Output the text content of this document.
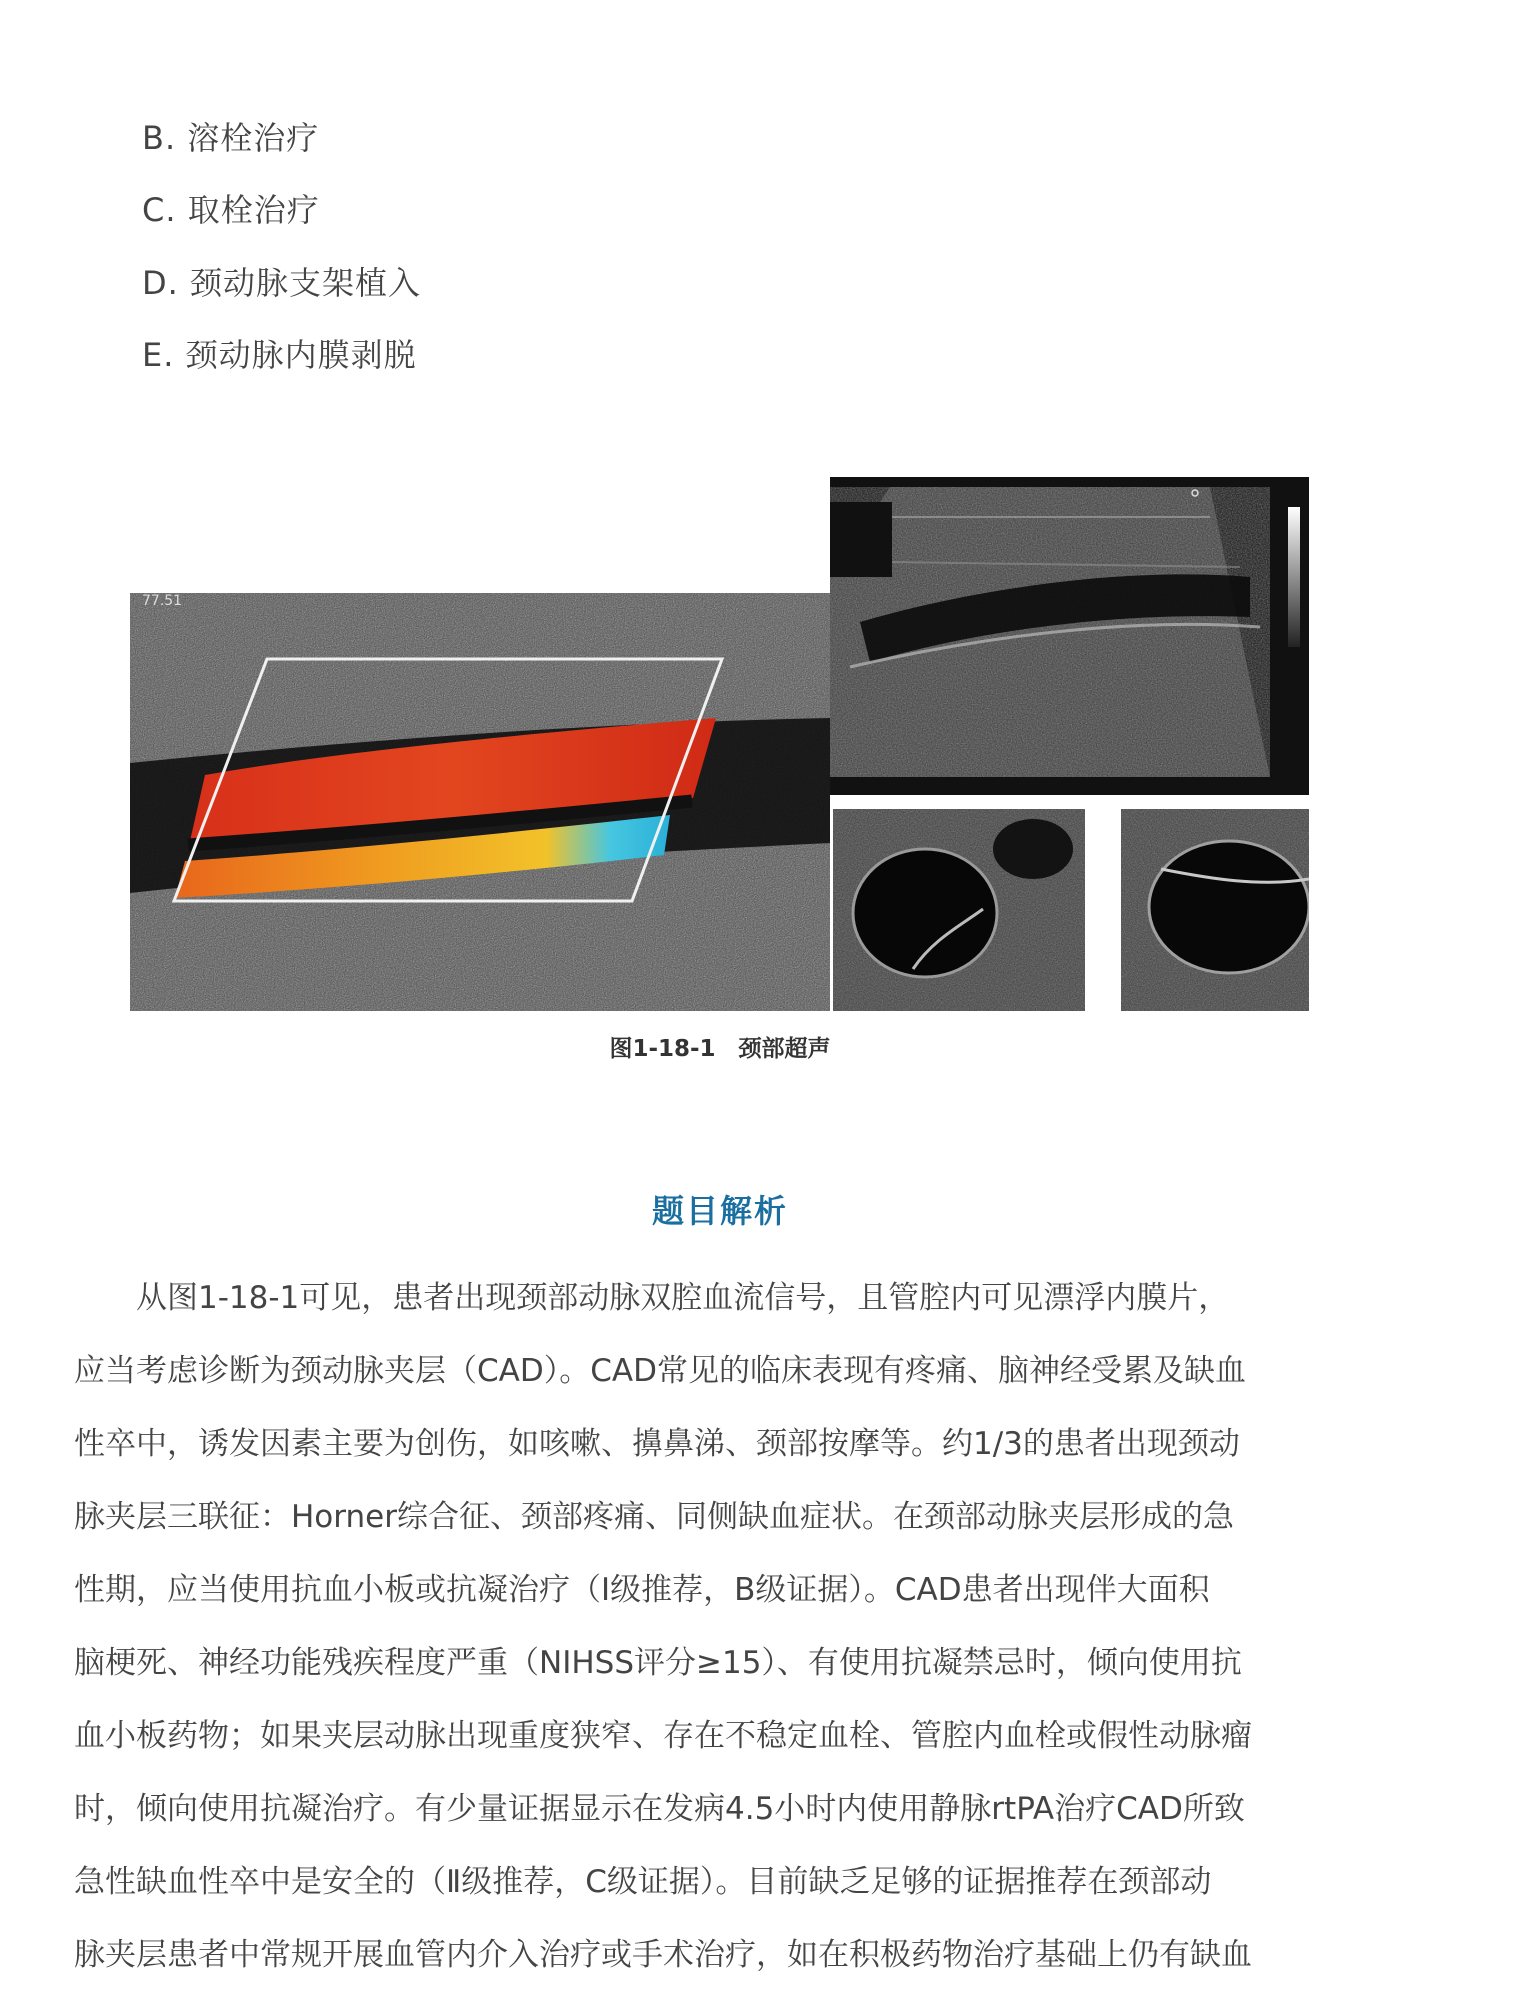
B. 溶栓治疗
C. 取栓治疗
D. 颈动脉支架植入
E. 颈动脉内膜剥脱
77.51
图1-18-1　颈部超声
题目解析
　　从图1-18-1可见，患者出现颈部动脉双腔血流信号，且管腔内可见漂浮内膜片，
应当考虑诊断为颈动脉夹层（CAD）。CAD常见的临床表现有疼痛、脑神经受累及缺血
性卒中，诱发因素主要为创伤，如咳嗽、擤鼻涕、颈部按摩等。约1/3的患者出现颈动
脉夹层三联征：Horner综合征、颈部疼痛、同侧缺血症状。在颈部动脉夹层形成的急
性期，应当使用抗血小板或抗凝治疗（Ⅰ级推荐，B级证据）。CAD患者出现伴大面积
脑梗死、神经功能残疾程度严重（NIHSS评分≥15）、有使用抗凝禁忌时，倾向使用抗
血小板药物；如果夹层动脉出现重度狭窄、存在不稳定血栓、管腔内血栓或假性动脉瘤
时，倾向使用抗凝治疗。有少量证据显示在发病4.5小时内使用静脉rtPA治疗CAD所致
急性缺血性卒中是安全的（Ⅱ级推荐，C级证据）。目前缺乏足够的证据推荐在颈部动
脉夹层患者中常规开展血管内介入治疗或手术治疗，如在积极药物治疗基础上仍有缺血
